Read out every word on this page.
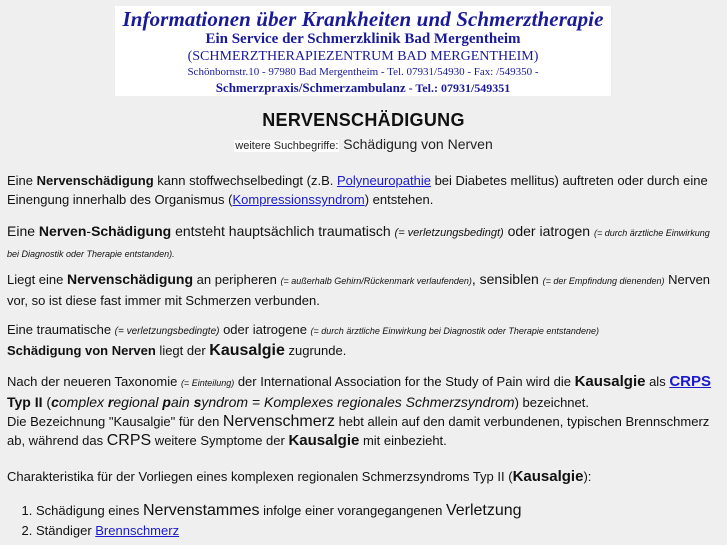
Informationen über Krankheiten und Schmerztherapie
Ein Service der Schmerzklinik Bad Mergentheim
(SCHMERZTHERAPIEZENTRUM BAD MERGENTHEIM)
Schönbornstr.10 - 97980 Bad Mergentheim - Tel. 07931/54930 - Fax: /549350 -
Schmerzpraxis/Schmerzambulanz - Tel.: 07931/549351
NERVENSCHÄDIGUNG
weitere Suchbegriffe: Schädigung von Nerven

Eine Nervenschädigung kann stoffwechselbedingt (z.B. Polyneuropathie bei Diabetes mellitus) auftreten oder durch eine Einengung innerhalb des Organismus (Kompressionssyndrom) entstehen.

Eine Nerven-Schädigung entsteht hauptsächlich traumatisch (= verletzungsbedingt) oder iatrogen (= durch ärztliche Einwirkung bei Diagnostik oder Therapie entstanden).

Liegt eine Nervenschädigung an peripheren (= außerhalb Gehirn/Rückenmark verlaufenden), sensiblen (= der Empfindung dienenden) Nerven vor, so ist diese fast immer mit Schmerzen verbunden.

Eine traumatische (= verletzungsbedingte) oder iatrogene (= durch ärztliche Einwirkung bei Diagnostik oder Therapie entstandene)
Schädigung von Nerven liegt der Kausalgie zugrunde.

Nach der neueren Taxonomie (= Einteilung) der International Association for the Study of Pain wird die Kausalgie als CRPS
Typ II (complex regional pain syndrom = Komplexes regionales Schmerzsyndrom) bezeichnet.
Die Bezeichnung "Kausalgie" für den Nervenschmerz hebt allein auf den damit verbundenen, typischen Brennschmerz ab, während das CRPS weitere Symptome der Kausalgie mit einbezieht.

Charakteristika für der Vorliegen eines komplexen regionalen Schmerzsyndroms Typ II (Kausalgie):

1. Schädigung eines Nervenstammes infolge einer vorangegangenen Verletzung
2. Ständiger Brennschmerz
